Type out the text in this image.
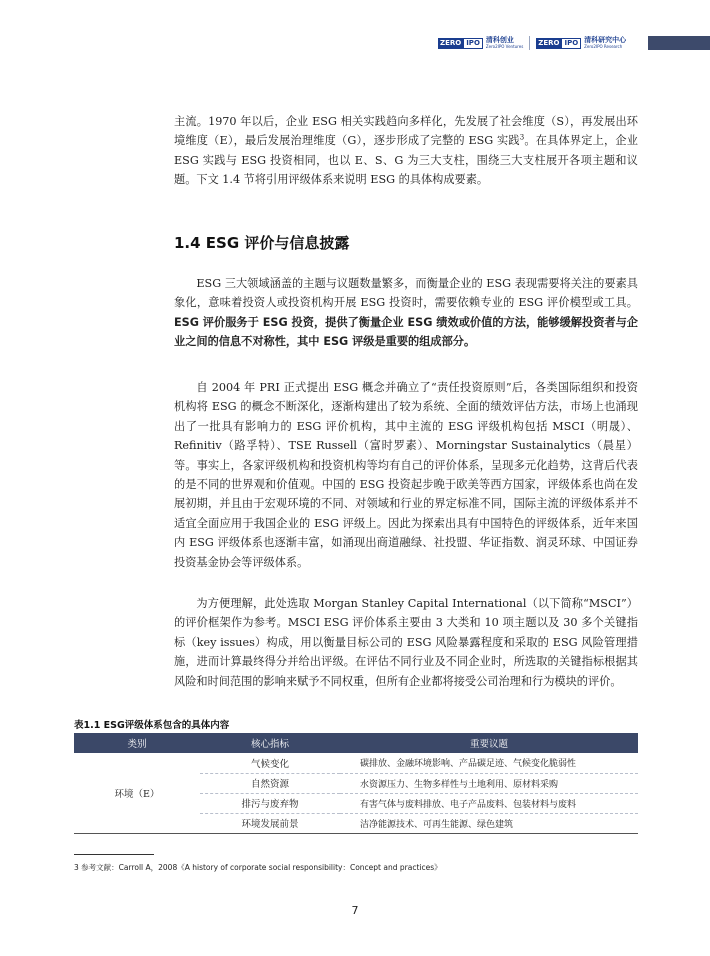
ZERO IPO 清科创业
Zero2IPO Ventures ZERO IPO 清科研究中心
Zero2IPO Research

主流。1970 年以后，企业 ESG 相关实践趋向多样化，先发展了社会维度（S），再发展出环境维度（E），最后发展治理维度（G），逐步形成了完整的 ESG 实践$^3$。在具体界定上，企业 ESG 实践与 ESG 投资相同，也以 E、S、G 为三大支柱，围绕三大支柱展开各项主题和议题。下文 1.4 节将引用评级体系来说明 ESG 的具体构成要素。

1.4 ESG 评价与信息披露

ESG 三大领域涵盖的主题与议题数量繁多，而衡量企业的 ESG 表现需要将关注的要素具象化，意味着投资人或投资机构开展 ESG 投资时，需要依赖专业的 ESG 评价模型或工具。ESG 评价服务于 ESG 投资，提供了衡量企业 ESG 绩效或价值的方法，能够缓解投资者与企业之间的信息不对称性，其中 ESG 评级是重要的组成部分。

自 2004 年 PRI 正式提出 ESG 概念并确立了“责任投资原则”后，各类国际组织和投资机构将 ESG 的概念不断深化，逐渐构建出了较为系统、全面的绩效评估方法，市场上也涌现出了一批具有影响力的 ESG 评价机构，其中主流的 ESG 评级机构包括 MSCI（明晟）、Refinitiv（路孚特）、TSE Russell（富时罗素）、Morningstar Sustainalytics（晨星）等。事实上，各家评级机构和投资机构等均有自己的评价体系，呈现多元化趋势，这背后代表的是不同的世界观和价值观。中国的 ESG 投资起步晚于欧美等西方国家，评级体系也尚在发展初期，并且由于宏观环境的不同、对领域和行业的界定标准不同，国际主流的评级体系并不适宜全面应用于我国企业的 ESG 评级上。因此为探索出具有中国特色的评级体系，近年来国内 ESG 评级体系也逐渐丰富，如涌现出商道融绿、社投盟、华证指数、润灵环球、中国证券投资基金协会等评级体系。

为方便理解，此处选取 Morgan Stanley Capital International（以下简称“MSCI”）的评价框架作为参考。MSCI ESG 评价体系主要由 3 大类和 10 项主题以及 30 多个关键指标（key issues）构成，用以衡量目标公司的 ESG 风险暴露程度和采取的 ESG 风险管理措施，进而计算最终得分并给出评级。在评估不同行业及不同企业时，所选取的关键指标根据其风险和时间范围的影响来赋予不同权重，但所有企业都将接受公司治理和行为模块的评价。

表1.1 ESG评级体系包含的具体内容
类别	核心指标	重要议题
环境（E）	气候变化	碳排放、金融环境影响、产品碳足迹、气候变化脆弱性
	自然资源	水资源压力、生物多样性与土地利用、原材料采购
	排污与废弃物	有害气体与废料排放、电子产品废料、包装材料与废料
	环境发展前景	洁净能源技术、可再生能源、绿色建筑
3 参考文献：Carroll A，2008《A history of corporate social responsibility：Concept and practices》
7
